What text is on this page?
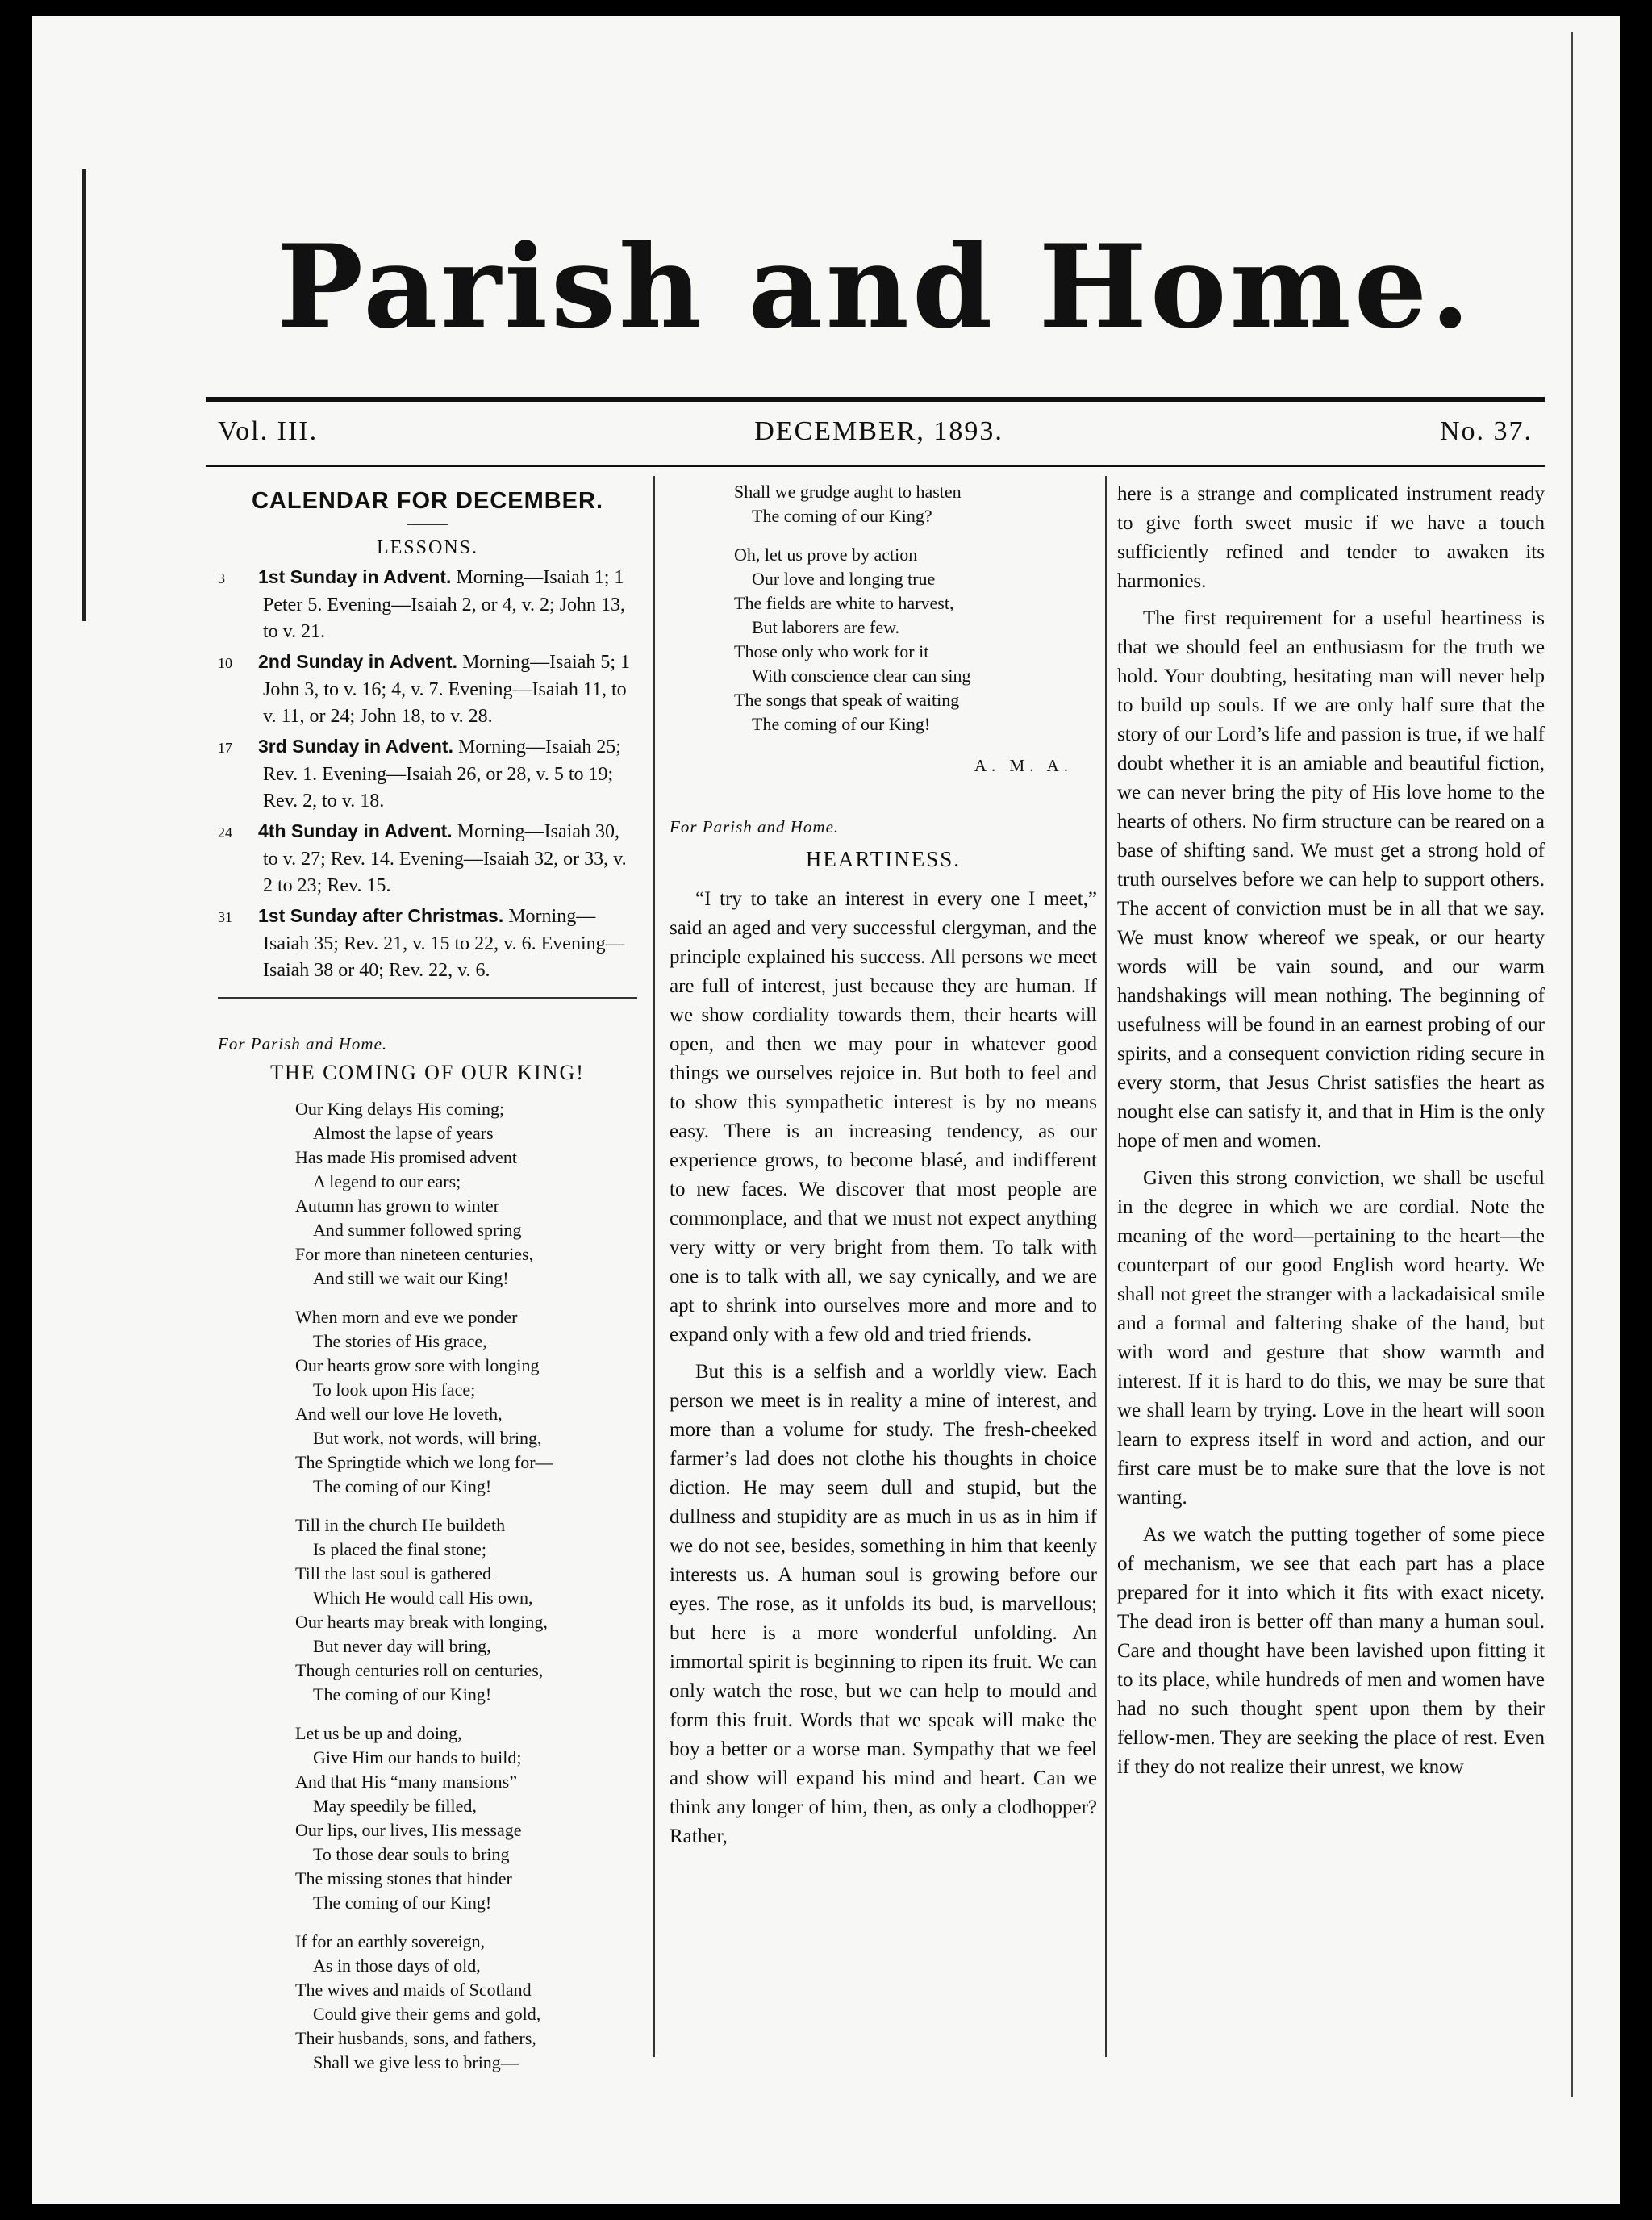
Parish and Home.
Vol. III.	DECEMBER, 1893.	No. 37.
CALENDAR FOR DECEMBER.
LESSONS.
3 1st Sunday in Advent. Morning—Isaiah 1; 1 Peter 5. Evening—Isaiah 2, or 4, v. 2; John 13, to v. 21.
10 2nd Sunday in Advent. Morning—Isaiah 5; 1 John 3, to v. 16; 4, v. 7. Evening—Isaiah 11, to v. 11, or 24; John 18, to v. 28.
17 3rd Sunday in Advent. Morning—Isaiah 25; Rev. 1. Evening—Isaiah 26, or 28, v. 5 to 19; Rev. 2, to v. 18.
24 4th Sunday in Advent. Morning—Isaiah 30, to v. 27; Rev. 14. Evening—Isaiah 32, or 33, v. 2 to 23; Rev. 15.
31 1st Sunday after Christmas. Morning—Isaiah 35; Rev. 21, v. 15 to 22, v. 6. Evening—Isaiah 38 or 40; Rev. 22, v. 6.
For Parish and Home.
THE COMING OF OUR KING!
Our King delays His coming;
Almost the lapse of years
Has made His promised advent
A legend to our ears;
Autumn has grown to winter
And summer followed spring
For more than nineteen centuries,
And still we wait our King!
When morn and eve we ponder
The stories of His grace,
Our hearts grow sore with longing
To look upon His face;
And well our love He loveth,
But work, not words, will bring,
The Springtide which we long for—
The coming of our King!
Till in the church He buildeth
Is placed the final stone;
Till the last soul is gathered
Which He would call His own,
Our hearts may break with longing,
But never day will bring,
Though centuries roll on centuries,
The coming of our King!
Let us be up and doing,
Give Him our hands to build;
And that His “many mansions”
May speedily be filled,
Our lips, our lives, His message
To those dear souls to bring
The missing stones that hinder
The coming of our King!
If for an earthly sovereign,
As in those days of old,
The wives and maids of Scotland
Could give their gems and gold,
Their husbands, sons, and fathers,
Shall we give less to bring—
Shall we grudge aught to hasten
The coming of our King?
Oh, let us prove by action
Our love and longing true
The fields are white to harvest,
But laborers are few.
Those only who work for it
With conscience clear can sing
The songs that speak of waiting
The coming of our King!
A. M. A.
For Parish and Home.
HEARTINESS.

“I try to take an interest in every one I meet,” said an aged and very successful clergyman, and the principle explained his success. All persons we meet are full of interest, just because they are human. If we show cordiality towards them, their hearts will open, and then we may pour in whatever good things we ourselves rejoice in. But both to feel and to show this sympathetic interest is by no means easy. There is an increasing tendency, as our experience grows, to become blasé, and indifferent to new faces. We discover that most people are commonplace, and that we must not expect anything very witty or very bright from them. To talk with one is to talk with all, we say cynically, and we are apt to shrink into ourselves more and more and to expand only with a few old and tried friends.

But this is a selfish and a worldly view. Each person we meet is in reality a mine of interest, and more than a volume for study. The fresh-cheeked farmer’s lad does not clothe his thoughts in choice diction. He may seem dull and stupid, but the dullness and stupidity are as much in us as in him if we do not see, besides, something in him that keenly interests us. A human soul is growing before our eyes. The rose, as it unfolds its bud, is marvellous; but here is a more wonderful unfolding. An immortal spirit is beginning to ripen its fruit. We can only watch the rose, but we can help to mould and form this fruit. Words that we speak will make the boy a better or a worse man. Sympathy that we feel and show will expand his mind and heart. Can we think any longer of him, then, as only a clodhopper? Rather,

here is a strange and complicated instrument ready to give forth sweet music if we have a touch sufficiently refined and tender to awaken its harmonies.

The first requirement for a useful heartiness is that we should feel an enthusiasm for the truth we hold. Your doubting, hesitating man will never help to build up souls. If we are only half sure that the story of our Lord’s life and passion is true, if we half doubt whether it is an amiable and beautiful fiction, we can never bring the pity of His love home to the hearts of others. No firm structure can be reared on a base of shifting sand. We must get a strong hold of truth ourselves before we can help to support others. The accent of conviction must be in all that we say. We must know whereof we speak, or our hearty words will be vain sound, and our warm handshakings will mean nothing. The beginning of usefulness will be found in an earnest probing of our spirits, and a consequent conviction riding secure in every storm, that Jesus Christ satisfies the heart as nought else can satisfy it, and that in Him is the only hope of men and women.

Given this strong conviction, we shall be useful in the degree in which we are cordial. Note the meaning of the word—pertaining to the heart—the counterpart of our good English word hearty. We shall not greet the stranger with a lackadaisical smile and a formal and faltering shake of the hand, but with word and gesture that show warmth and interest. If it is hard to do this, we may be sure that we shall learn by trying. Love in the heart will soon learn to express itself in word and action, and our first care must be to make sure that the love is not wanting.

As we watch the putting together of some piece of mechanism, we see that each part has a place prepared for it into which it fits with exact nicety. The dead iron is better off than many a human soul. Care and thought have been lavished upon fitting it to its place, while hundreds of men and women have had no such thought spent upon them by their fellow-men. They are seeking the place of rest. Even if they do not realize their unrest, we know
